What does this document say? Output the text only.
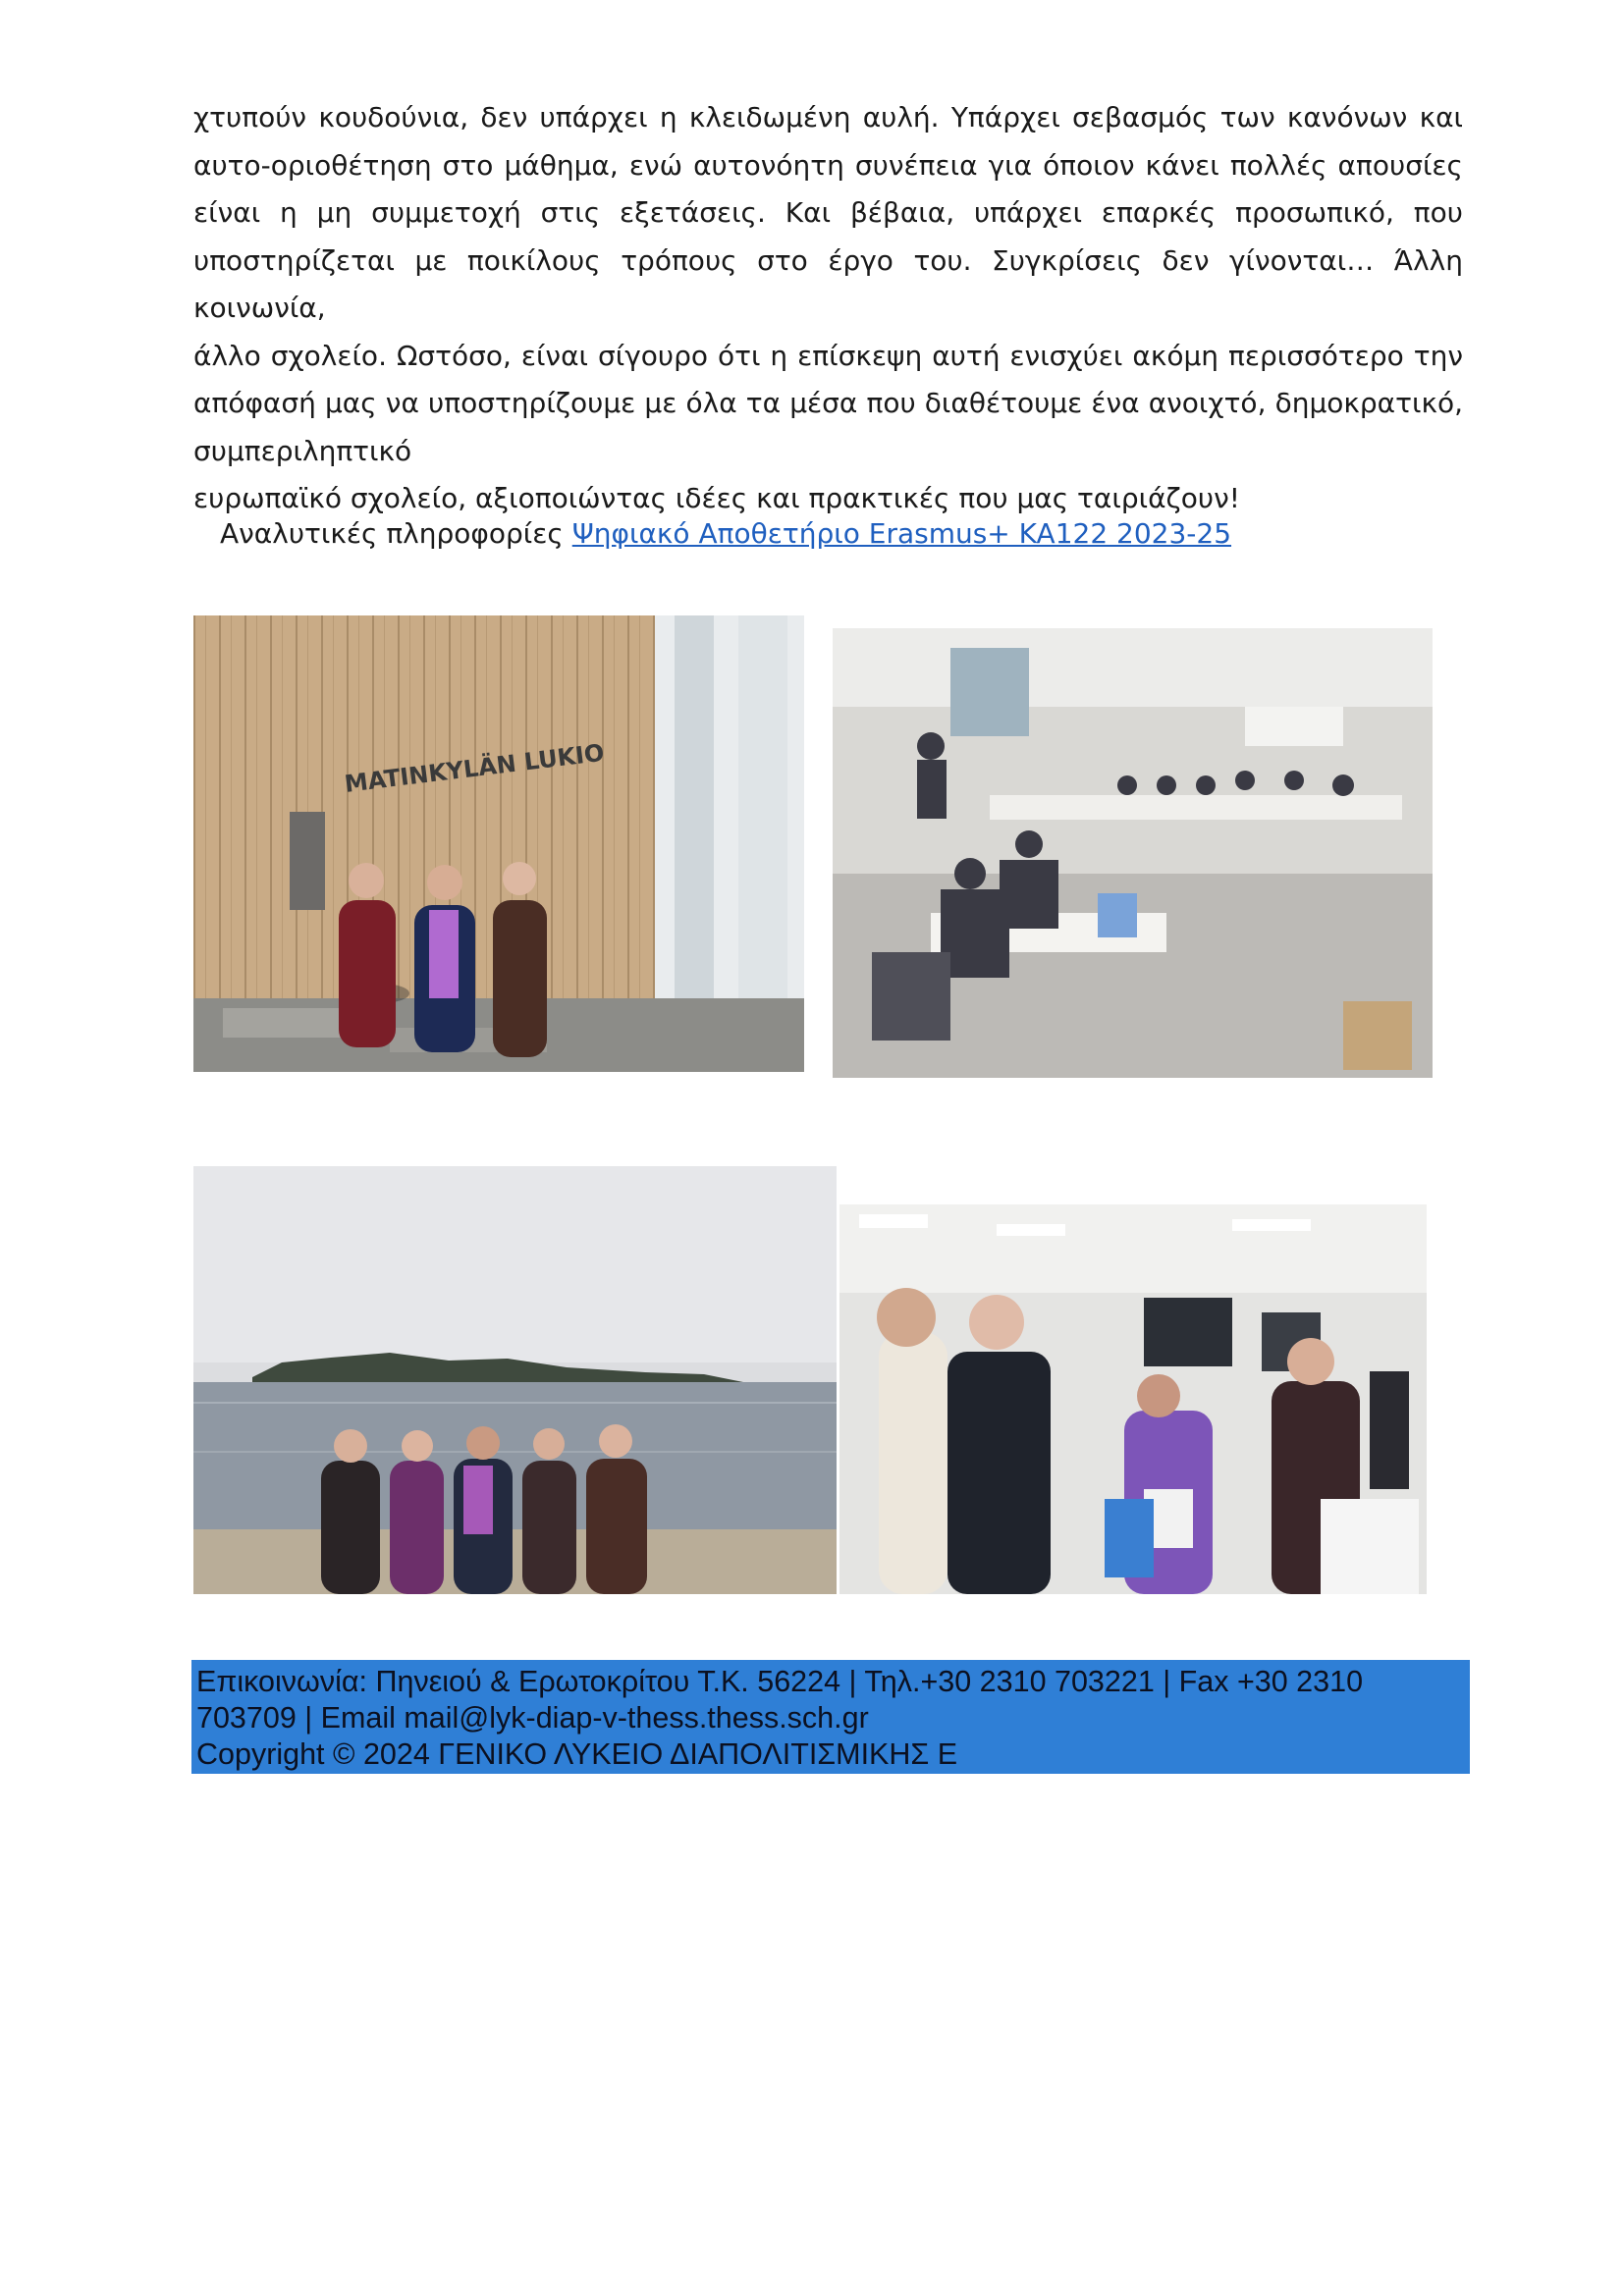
χτυπούν κουδούνια, δεν υπάρχει η κλειδωμένη αυλή. Υπάρχει σεβασμός των κανόνων και
αυτο-οριοθέτηση στο μάθημα, ενώ αυτονόητη συνέπεια για όποιον κάνει πολλές απουσίες
είναι η μη συμμετοχή στις εξετάσεις. Και βέβαια, υπάρχει επαρκές προσωπικό, που
υποστηρίζεται με ποικίλους τρόπους στο έργο του. Συγκρίσεις δεν γίνονται… Άλλη κοινωνία,
άλλο σχολείο. Ωστόσο, είναι σίγουρο ότι η επίσκεψη αυτή ενισχύει ακόμη περισσότερο την
απόφασή μας να υποστηρίζουμε με όλα τα μέσα που διαθέτουμε ένα ανοιχτό, δημοκρατικό,
συμπεριληπτικό
ευρωπαϊκό σχολείο, αξιοποιώντας ιδέες και πρακτικές που μας ταιριάζουν!

Αναλυτικές πληροφορίες Ψηφιακό Αποθετήριο Erasmus+ KA122 2023-25
MATINKYLÄN LUKIO
Επικοινωνία: Πηνειού & Ερωτοκρίτου Τ.Κ. 56224 | Τηλ.+30 2310 703221 | Fax +30 2310
703709 | Email mail@lyk-diap-v-thess.thess.sch.gr
Copyright © 2024 ΓΕΝΙΚΟ ΛΥΚΕΙΟ ΔΙΑΠΟΛΙΤΙΣΜΙΚΗΣ Ε
